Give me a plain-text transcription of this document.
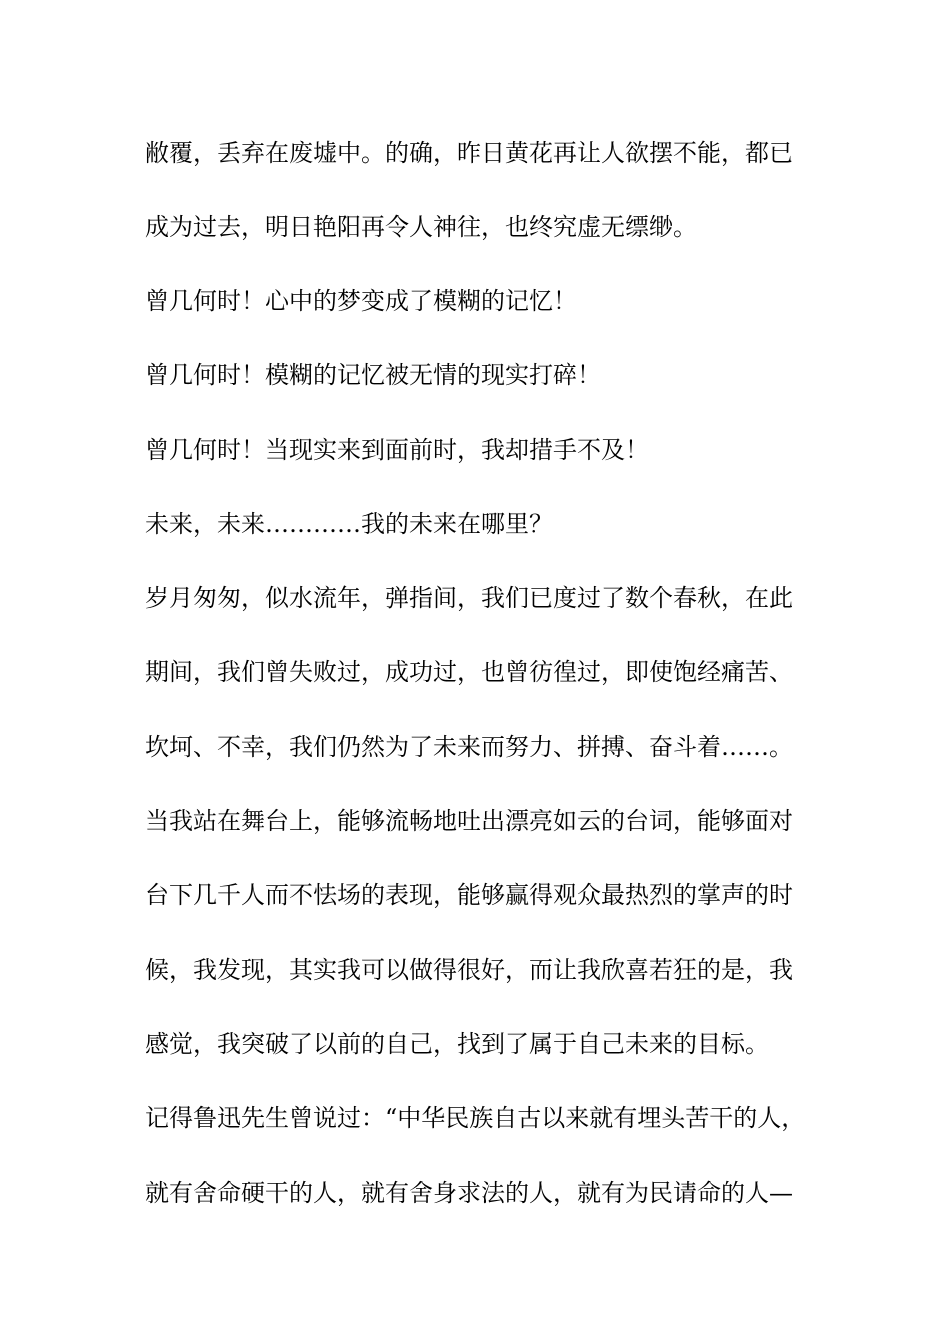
敝覆，丢弃在废墟中。的确，昨日黄花再让人欲摆不能，都已
成为过去，明日艳阳再令人神往，也终究虚无缥缈。
曾几何时！心中的梦变成了模糊的记忆！
曾几何时！模糊的记忆被无情的现实打碎！
曾几何时！当现实来到面前时，我却措手不及！
未来，未来…………我的未来在哪里？
岁月匆匆，似水流年，弹指间，我们已度过了数个春秋，在此
期间，我们曾失败过，成功过，也曾彷徨过，即使饱经痛苦、
坎坷、不幸，我们仍然为了未来而努力、拼搏、奋斗着……。
当我站在舞台上，能够流畅地吐出漂亮如云的台词，能够面对
台下几千人而不怯场的表现，能够赢得观众最热烈的掌声的时
候，我发现，其实我可以做得很好，而让我欣喜若狂的是，我
感觉，我突破了以前的自己，找到了属于自己未来的目标。
记得鲁迅先生曾说过：“中华民族自古以来就有埋头苦干的人，
就有舍命硬干的人，就有舍身求法的人，就有为民请命的人—
